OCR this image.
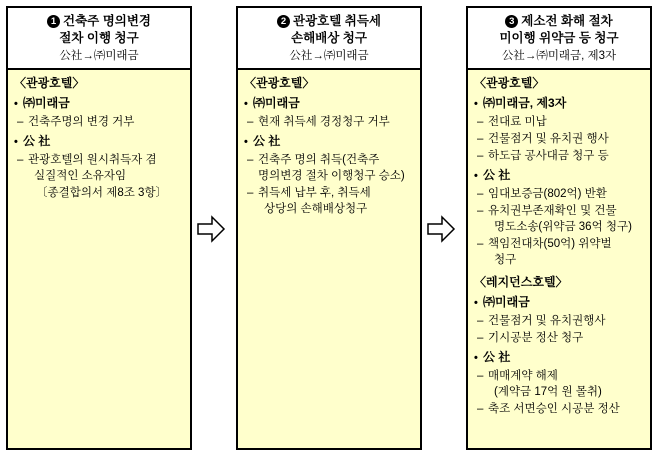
1 건축주 명의변경
절차 이행 청구
公社→㈜미래금
〈관광호텔〉
• ㈜미래금
– 건축주명의 변경 거부
• 公 社
– 관광호텔의 원시취득자 겸
실질적인 소유자임
〔종결합의서 제8조 3항〕
2 관광호텔 취득세
손해배상 청구
公社→㈜미래금
〈관광호텔〉
• ㈜미래금
– 현재 취득세 경정청구 거부
• 公 社
– 건축주 명의 취득(건축주
명의변경 절차 이행청구 승소)
– 취득세 납부 후, 취득세
상당의 손해배상청구
3 제소전 화해 절차
미이행 위약금 등 청구
公社→㈜미래금, 제3자
〈관광호텔〉
• ㈜미래금, 제3자
– 전대료 미납
– 건물점거 및 유치권 행사
– 하도급 공사대금 청구 등
• 公 社
– 임대보증금(802억) 반환
– 유치권부존재확인 및 건물
명도소송(위약금 36억 청구)
– 책임전대차(50억) 위약벌
청구
〈레지던스호텔〉
• ㈜미래금
– 건물점거 및 유치권행사
– 기시공분 정산 청구
• 公 社
– 매매계약 해제
(계약금 17억 원 몰취)
– 축조 서면승인 시공분 정산
